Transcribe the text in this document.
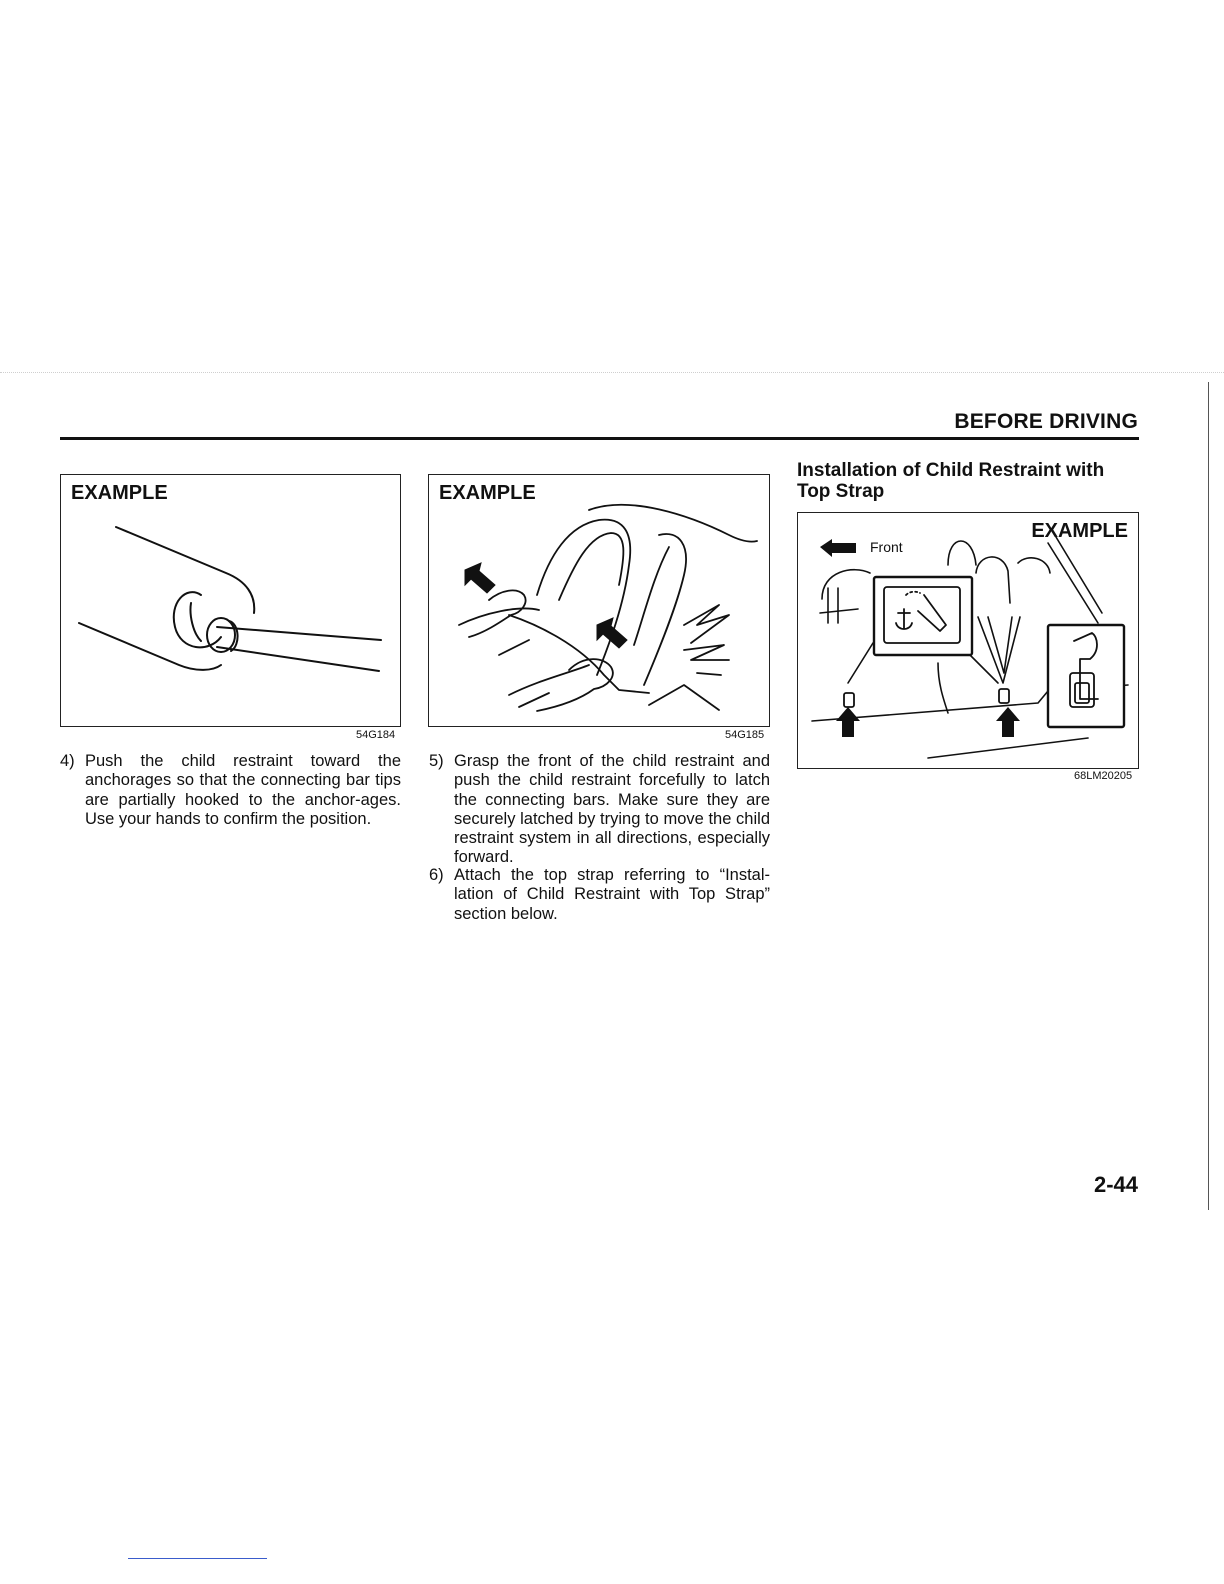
BEFORE DRIVING
EXAMPLE
54G184
EXAMPLE
54G185
4) Push the child restraint toward the anchorages so that the connecting bar tips are partially hooked to the anchor-ages. Use your hands to confirm the position.
5) Grasp the front of the child restraint and push the child restraint forcefully to latch the connecting bars. Make sure they are securely latched by trying to move the child restraint system in all directions, especially forward.
6) Attach the top strap referring to “Instal-lation of Child Restraint with Top Strap” section below.
Installation of Child Restraint with Top Strap
EXAMPLE
Front
68LM20205
2-44
